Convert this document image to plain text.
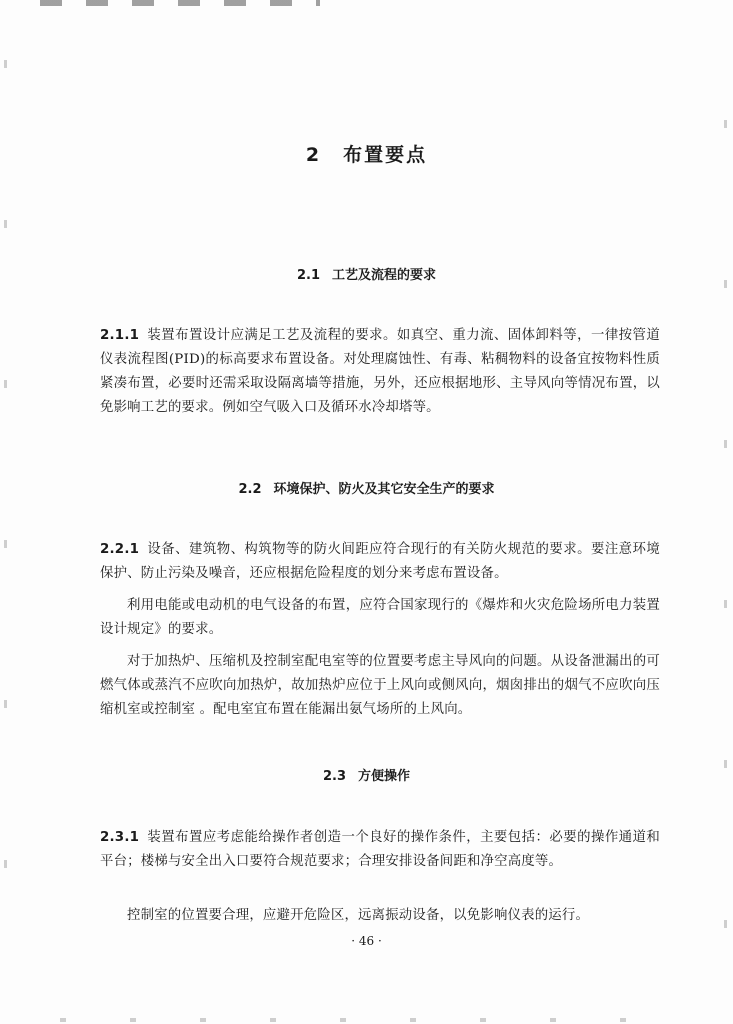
2 布置要点
2.1 工艺及流程的要求

2.1.1 装置布置设计应满足工艺及流程的要求。如真空、重力流、固体卸料等，一律按管道仪表流程图(PID)的标高要求布置设备。对处理腐蚀性、有毒、粘稠物料的设备宜按物料性质紧凑布置，必要时还需采取设隔离墙等措施，另外，还应根据地形、主导风向等情况布置，以免影响工艺的要求。例如空气吸入口及循环水冷却塔等。

2.2 环境保护、防火及其它安全生产的要求

2.2.1 设备、建筑物、构筑物等的防火间距应符合现行的有关防火规范的要求。要注意环境保护、防止污染及噪音，还应根据危险程度的划分来考虑布置设备。

利用电能或电动机的电气设备的布置，应符合国家现行的《爆炸和火灾危险场所电力装置设计规定》的要求。

对于加热炉、压缩机及控制室配电室等的位置要考虑主导风向的问题。从设备泄漏出的可燃气体或蒸汽不应吹向加热炉，故加热炉应位于上风向或侧风向，烟囱排出的烟气不应吹向压缩机室或控制室 。配电室宜布置在能漏出氨气场所的上风向。

2.3 方便操作

2.3.1 装置布置应考虑能给操作者创造一个良好的操作条件，主要包括：必要的操作通道和平台；楼梯与安全出入口要符合规范要求；合理安排设备间距和净空高度等。

控制室的位置要合理，应避开危险区，远离振动设备，以免影响仪表的运行。

· 46 ·
